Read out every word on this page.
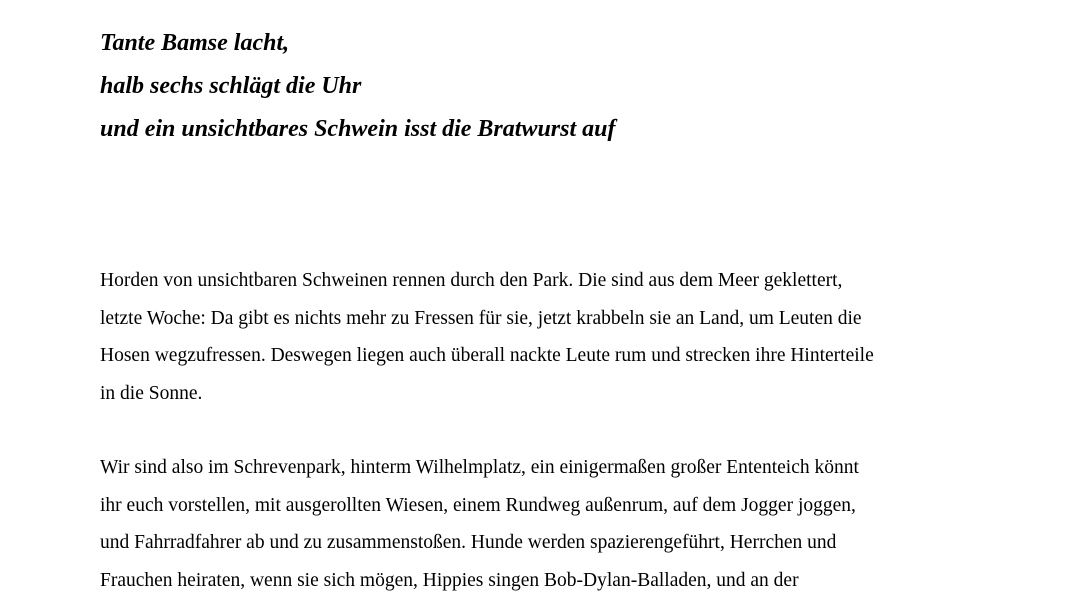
Tante Bamse lacht,

halb sechs schlägt die Uhr

und ein unsichtbares Schwein isst die Bratwurst auf

Horden von unsichtbaren Schweinen rennen durch den Park. Die sind aus dem Meer geklettert,
letzte Woche: Da gibt es nichts mehr zu Fressen für sie, jetzt krabbeln sie an Land, um Leuten die
Hosen wegzufressen. Deswegen liegen auch überall nackte Leute rum und strecken ihre Hinterteile
in die Sonne.

Wir sind also im Schrevenpark, hinterm Wilhelmplatz, ein einigermaßen großer Ententeich könnt
ihr euch vorstellen, mit ausgerollten Wiesen, einem Rundweg außenrum, auf dem Jogger joggen,
und Fahrradfahrer ab und zu zusammenstoßen. Hunde werden spazierengeführt, Herrchen und
Frauchen heiraten, wenn sie sich mögen, Hippies singen Bob-Dylan-Balladen, und an der
